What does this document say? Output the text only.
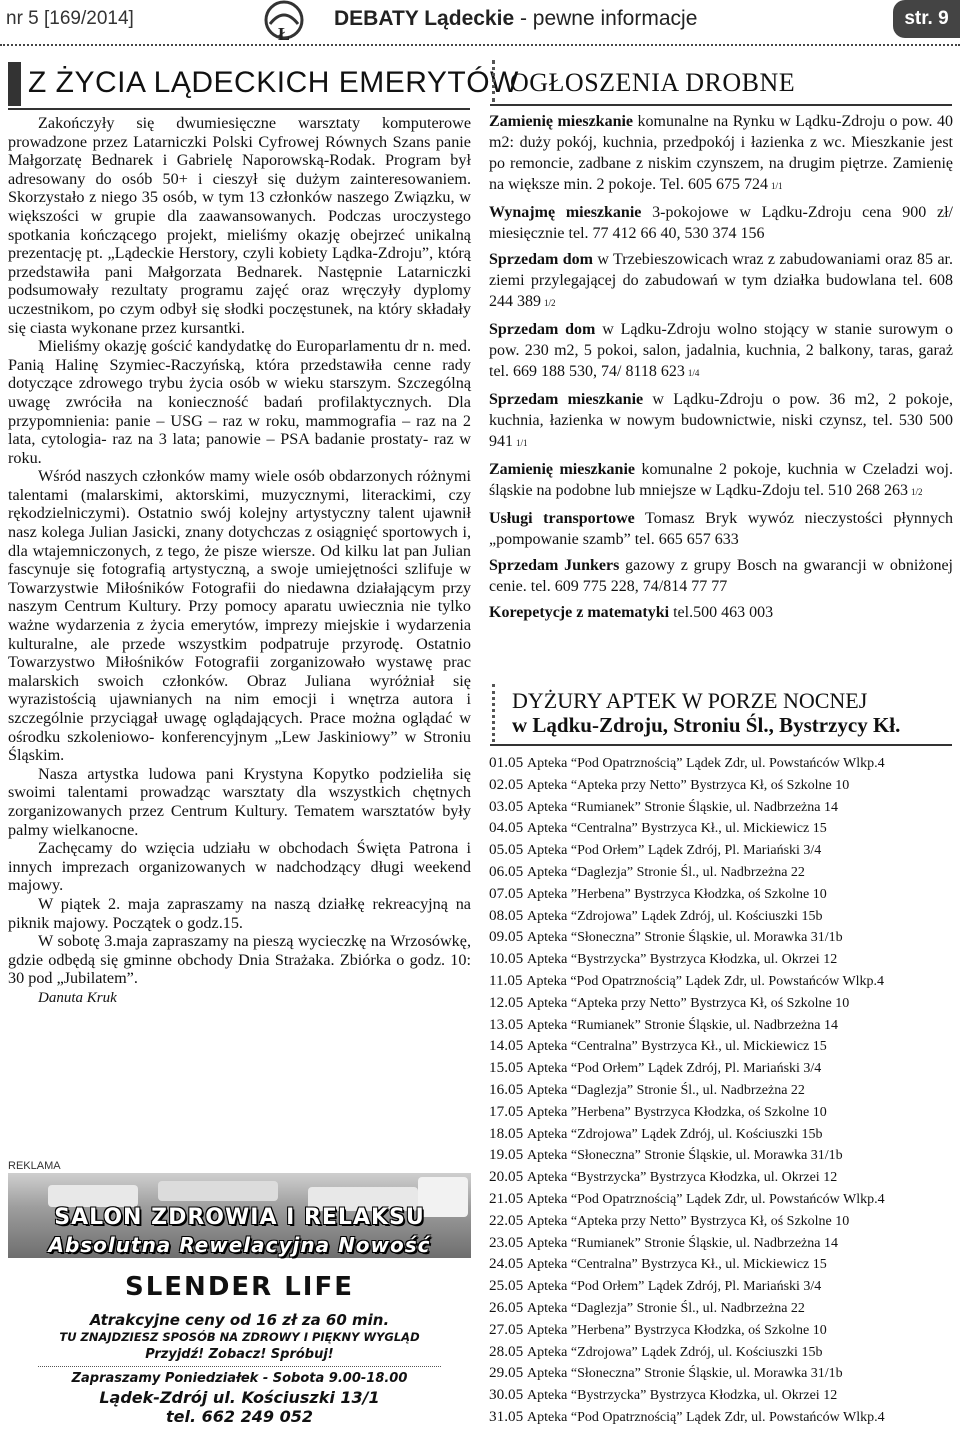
nr 5 [169/2014]
Ł
DEBATY Lądeckie - pewne informacje	str. 9
Z ŻYCIA LĄDECKICH EMERYTÓW

Zakończyły się dwumiesięczne warsztaty komputerowe prowadzone przez Latarniczki Polski Cyfrowej Równych Szans panie Małgorzatę Bednarek i Gabrielę Naporowską-Rodak. Program był adresowany do osób 50+ i cieszył się dużym zainteresowaniem. Skorzystało z niego 35 osób, w tym 13 członków naszego Związku, w większości w grupie dla zaawansowanych. Podczas uroczystego spotkania kończącego projekt, mieliśmy okazję obejrzeć unikalną prezentację pt. „Lądeckie Herstory, czyli kobiety Lądka-Zdroju”, którą przedstawiła pani Małgorzata Bednarek. Następnie Latarniczki podsumowały rezultaty programu zajęć oraz wręczyły dyplomy uczestnikom, po czym odbył się słodki poczęstunek, na który składały się ciasta wykonane przez kursantki.

Mieliśmy okazję gościć kandydatkę do Europarlamentu dr n. med. Panią Halinę Szymiec-Raczyńską, która przedstawiła cenne rady dotyczące zdrowego trybu życia osób w wieku starszym. Szczególną uwagę zwróciła na konieczność badań profilaktycznych. Dla przypomnienia: panie – USG – raz w roku, mammografia – raz na 2 lata, cytologia- raz na 3 lata; panowie – PSA badanie prostaty- raz w roku.

Wśród naszych członków mamy wiele osób obdarzonych różnymi talentami (malarskimi, aktorskimi, muzycznymi, literackimi, czy rękodzielniczymi). Ostatnio swój kolejny artystyczny talent ujawnił nasz kolega Julian Jasicki, znany dotychczas z osiągnięć sportowych i, dla wtajemniczonych, z tego, że pisze wiersze. Od kilku lat pan Julian fascynuje się fotografią artystyczną, a swoje umiejętności szlifuje w Towarzystwie Miłośników Fotografii do niedawna działającym przy naszym Centrum Kultury. Przy pomocy aparatu uwiecznia nie tylko ważne wydarzenia z życia emerytów, imprezy miejskie i wydarzenia kulturalne, ale przede wszystkim podpatruje przyrodę. Ostatnio Towarzystwo Miłośników Fotografii zorganizowało wystawę prac malarskich swoich członków. Obraz Juliana wyróżniał się wyrazistością ujawnianych na nim emocji i wnętrza autora i szczególnie przyciągał uwagę oglądających. Prace można oglądać w ośrodku szkoleniowo- konferencyjnym „Lew Jaskiniowy” w Stroniu Śląskim.

Nasza artystka ludowa pani Krystyna Kopytko podzieliła się swoimi talentami prowadząc warsztaty dla wszystkich chętnych zorganizowanych przez Centrum Kultury. Tematem warsztatów były palmy wielkanocne.

Zachęcamy do wzięcia udziału w obchodach Święta Patrona i innych imprezach organizowanych w nadchodzący długi weekend majowy.

W piątek 2. maja zapraszamy na naszą działkę rekreacyjną na piknik majowy. Początek o godz.15.

W sobotę 3.maja zapraszamy na pieszą wycieczkę na Wrzosówkę, gdzie odbędą się gminne obchody Dnia Strażaka. Zbiórka o godz. 10: 30 pod „Jubilatem”.

Danuta Kruk

REKLAMA
SALON ZDROWIA I RELAKSU
Absolutna Rewelacyjna Nowość
SLENDER LIFE
Atrakcyjne ceny od 16 zł za 60 min.
TU ZNAJDZIESZ SPOSÓB NA ZDROWY I PIĘKNY WYGLĄD
Przyjdź! Zobacz! Spróbuj!
Zapraszamy Poniedziałek - Sobota 9.00-18.00
Lądek-Zdrój ul. Kościuszki 13/1
tel. 662 249 052
OGŁOSZENIA DROBNE

Zamienię mieszkanie komunalne na Rynku w Lądku-Zdroju o pow. 40 m2: duży pokój, kuchnia, przedpokój i łazienka z wc. Mieszkanie jest po remoncie, zadbane z niskim czynszem, na drugim piętrze. Zamienię na większe min. 2 pokoje. Tel. 605 675 724 1/1

Wynajmę mieszkanie 3-pokojowe w Lądku-Zdroju cena 900 zł/ miesięcznie tel. 77 412 66 40, 530 374 156

Sprzedam dom w Trzebieszowicach wraz z zabudowaniami oraz 85 ar. ziemi przylegającej do zabudowań w tym działka budowlana tel. 608 244 389 1/2

Sprzedam dom w Lądku-Zdroju wolno stojący w stanie surowym o pow. 230 m2, 5 pokoi, salon, jadalnia, kuchnia, 2 balkony, taras, garaż tel. 669 188 530, 74/ 8118 623 1/4

Sprzedam mieszkanie w Lądku-Zdroju o pow. 36 m2, 2 pokoje, kuchnia, łazienka w nowym budownictwie, niski czynsz, tel. 530 500 941 1/1

Zamienię mieszkanie komunalne 2 pokoje, kuchnia w Czeladzi woj. śląskie na podobne lub mniejsze w Lądku-Zdoju tel. 510 268 263 1/2

Usługi transportowe Tomasz Bryk wywóz nieczystości płynnych „pompowanie szamb” tel. 665 657 633

Sprzedam Junkers gazowy z grupy Bosch na gwarancji w obniżonej cenie. tel. 609 775 228, 74/814 77 77

Korepetycje z matematyki tel.500 463 003

DYŻURY APTEK W PORZE NOCNEJ
w Lądku-Zdroju, Stroniu Śl., Bystrzycy Kł.
01.05 Apteka “Pod Opatrznością” Lądek Zdr, ul. Powstańców Wlkp.4
02.05 Apteka “Apteka przy Netto” Bystrzyca Kł, oś Szkolne 10
03.05 Apteka “Rumianek” Stronie Śląskie, ul. Nadbrzeżna 14
04.05 Apteka “Centralna” Bystrzyca Kł., ul. Mickiewicz 15
05.05 Apteka “Pod Orłem” Lądek Zdrój, Pl. Mariański 3/4
06.05 Apteka “Daglezja” Stronie Śl., ul. Nadbrzeżna 22
07.05 Apteka ”Herbena” Bystrzyca Kłodzka, oś Szkolne 10
08.05 Apteka “Zdrojowa” Lądek Zdrój, ul. Kościuszki 15b
09.05 Apteka “Słoneczna” Stronie Śląskie, ul. Morawka 31/1b
10.05 Apteka “Bystrzycka” Bystrzyca Kłodzka, ul. Okrzei 12
11.05 Apteka “Pod Opatrznością” Lądek Zdr, ul. Powstańców Wlkp.4
12.05 Apteka “Apteka przy Netto” Bystrzyca Kł, oś Szkolne 10
13.05 Apteka “Rumianek” Stronie Śląskie, ul. Nadbrzeżna 14
14.05 Apteka “Centralna” Bystrzyca Kł., ul. Mickiewicz 15
15.05 Apteka “Pod Orłem” Lądek Zdrój, Pl. Mariański 3/4
16.05 Apteka “Daglezja” Stronie Śl., ul. Nadbrzeżna 22
17.05 Apteka ”Herbena” Bystrzyca Kłodzka, oś Szkolne 10
18.05 Apteka “Zdrojowa” Lądek Zdrój, ul. Kościuszki 15b
19.05 Apteka “Słoneczna” Stronie Śląskie, ul. Morawka 31/1b
20.05 Apteka “Bystrzycka” Bystrzyca Kłodzka, ul. Okrzei 12
21.05 Apteka “Pod Opatrznością” Lądek Zdr, ul. Powstańców Wlkp.4
22.05 Apteka “Apteka przy Netto” Bystrzyca Kł, oś Szkolne 10
23.05 Apteka “Rumianek” Stronie Śląskie, ul. Nadbrzeżna 14
24.05 Apteka “Centralna” Bystrzyca Kł., ul. Mickiewicz 15
25.05 Apteka “Pod Orłem” Lądek Zdrój, Pl. Mariański 3/4
26.05 Apteka “Daglezja” Stronie Śl., ul. Nadbrzeżna 22
27.05 Apteka ”Herbena” Bystrzyca Kłodzka, oś Szkolne 10
28.05 Apteka “Zdrojowa” Lądek Zdrój, ul. Kościuszki 15b
29.05 Apteka “Słoneczna” Stronie Śląskie, ul. Morawka 31/1b
30.05 Apteka “Bystrzycka” Bystrzyca Kłodzka, ul. Okrzei 12
31.05 Apteka “Pod Opatrznością” Lądek Zdr, ul. Powstańców Wlkp.4
